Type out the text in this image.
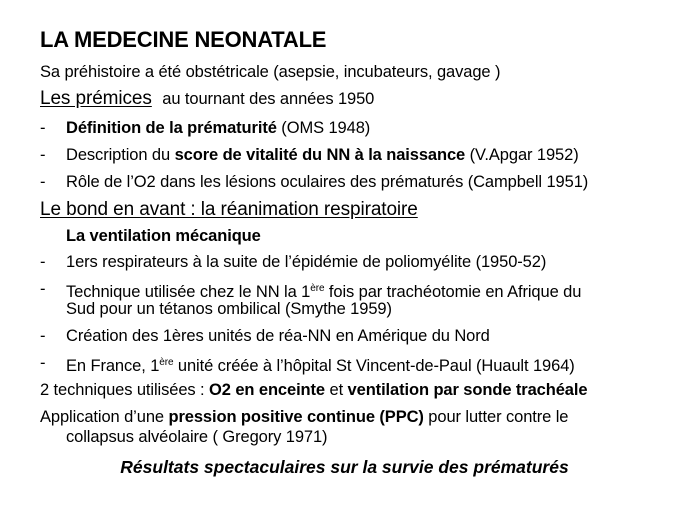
LA MEDECINE NEONATALE
Sa préhistoire a été obstétricale (asepsie, incubateurs, gavage )
Les prémices au tournant des années 1950
-	Définition de la prématurité (OMS 1948)
-	Description du score de vitalité du NN à la naissance (V.Apgar 1952)
-	Rôle de l’O2 dans les lésions oculaires des prématurés (Campbell 1951)
Le bond en avant : la réanimation respiratoire
La ventilation mécanique
-	1ers respirateurs à la suite de l’épidémie de poliomyélite (1950-52)
-	Technique utilisée chez le NN la 1ère fois par trachéotomie en Afrique du
Sud pour un tétanos ombilical (Smythe 1959)
-	Création des 1ères unités de réa-NN en Amérique du Nord
-	En France, 1ère unité créée à l’hôpital St Vincent-de-Paul (Huault 1964)
2 techniques utilisées : O2 en enceinte et ventilation par sonde trachéale
Application d’une pression positive continue (PPC) pour lutter contre le
collapsus alvéolaire ( Gregory 1971)
Résultats spectaculaires sur la survie des prématurés
